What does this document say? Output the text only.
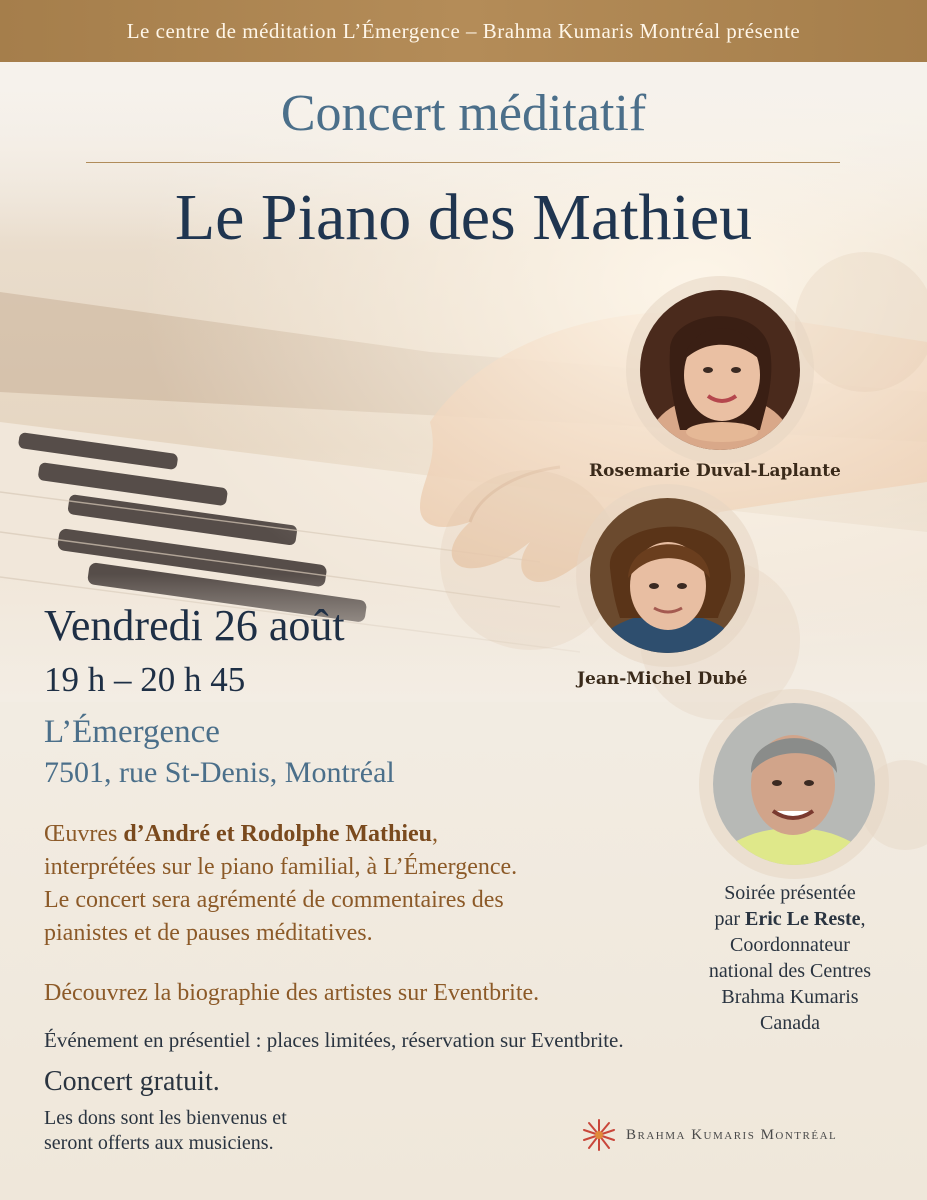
Le centre de méditation L’Émergence – Brahma Kumaris Montréal présente
Concert méditatif
Le Piano des Mathieu
Rosemarie Duval-Laplante
Jean-Michel Dubé
Vendredi 26 août
19 h – 20 h 45
L’Émergence
7501, rue St-Denis, Montréal
Œuvres d’André et Rodolphe Mathieu,
interprétées sur le piano familial, à L’Émergence.
Le concert sera agrémenté de commentaires des
pianistes et de pauses méditatives.
Découvrez la biographie des artistes sur Eventbrite.
Événement en présentiel : places limitées, réservation sur Eventbrite.
Concert gratuit.
Les dons sont les bienvenus et
seront offerts aux musiciens.
Soirée présentée
par Eric Le Reste,
Coordonnateur
national des Centres
Brahma Kumaris
Canada
Brahma Kumaris Montréal
